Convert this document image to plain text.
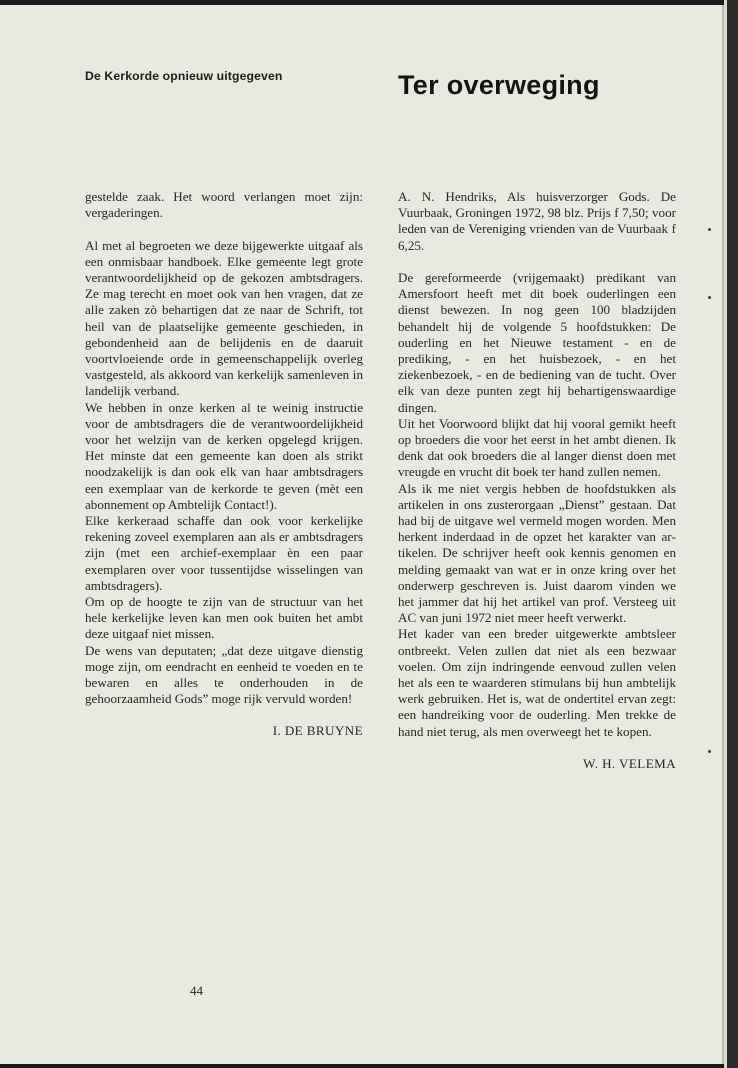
De Kerkorde opnieuw uitgegeven	Ter overweging

gestelde zaak. Het woord verlangen moet zijn: vergaderingen.

Al met al begroeten we deze bijgewerkte uitgaaf als een onmisbaar handboek. Elke gemeente legt grote verantwoordelijkheid op de gekozen ambtsdragers. Ze mag terecht en moet ook van hen vragen, dat ze alle zaken zò behartigen dat ze naar de Schrift, tot heil van de plaatselijke gemeente geschieden, in gebondenheid aan de belijdenis en de daaruit voortvloeiende orde in gemeenschappelijk overleg vastgesteld, als akkoord van kerkelijk samenleven in landelijk verband.

We hebben in onze kerken al te weinig instructie voor de ambtsdragers die de verantwoordelijkheid voor het welzijn van de kerken opgelegd krijgen. Het minste dat een gemeente kan doen als strikt noodzakelijk is dan ook elk van haar ambtsdragers een exemplaar van de kerkorde te geven (mèt een abonnement op Ambtelijk Contact!).

Elke kerkeraad schaffe dan ook voor kerkelijke rekening zoveel exemplaren aan als er ambtsdragers zijn (met een archief-exemplaar èn een paar exemplaren over voor tussentijdse wisselingen van ambtsdragers).

Om op de hoogte te zijn van de structuur van het hele kerkelijke leven kan men ook buiten het ambt deze uitgaaf niet missen.

De wens van deputaten; „dat deze uitgave dienstig moge zijn, om eendracht en eenheid te voeden en te bewaren en alles te onderhouden in de gehoorzaamheid Gods” moge rijk vervuld worden!

I. DE BRUYNE

A. N. Hendriks, Als huisverzorger Gods. De Vuurbaak, Groningen 1972, 98 blz. Prijs f 7,50; voor leden van de Vereniging vrienden van de Vuurbaak f 6,25.

De gereformeerde (vrijgemaakt) predikant van Amersfoort heeft met dit boek ouderlingen een dienst bewezen. In nog geen 100 bladzijden behandelt hij de volgende 5 hoofdstukken: De ouderling en het Nieuwe testament - en de prediking, - en het huisbezoek, - en het ziekenbezoek, - en de bediening van de tucht. Over elk van deze punten zegt hij behartigenswaardige dingen.

Uit het Voorwoord blijkt dat hij vooral gemikt heeft op broeders die voor het eerst in het ambt dienen. Ik denk dat ook broeders die al langer dienst doen met vreugde en vrucht dit boek ter hand zullen nemen.

Als ik me niet vergis hebben de hoofdstukken als artikelen in ons zusterorgaan „Dienst” gestaan. Dat had bij de uitgave wel vermeld mogen worden. Men herkent inderdaad in de opzet het karakter van artikelen. De schrijver heeft ook kennis genomen en melding gemaakt van wat er in onze kring over het onderwerp geschreven is. Juist daarom vinden we het jammer dat hij het artikel van prof. Versteeg uit AC van juni 1972 niet meer heeft verwerkt.

Het kader van een breder uitgewerkte ambtsleer ontbreekt. Velen zullen dat niet als een bezwaar voelen. Om zijn indringende eenvoud zullen velen het als een te waarderen stimulans bij hun ambtelijk werk gebruiken. Het is, wat de ondertitel ervan zegt: een handreiking voor de ouderling. Men trekke de hand niet terug, als men overweegt het te kopen.

W. H. VELEMA
44
